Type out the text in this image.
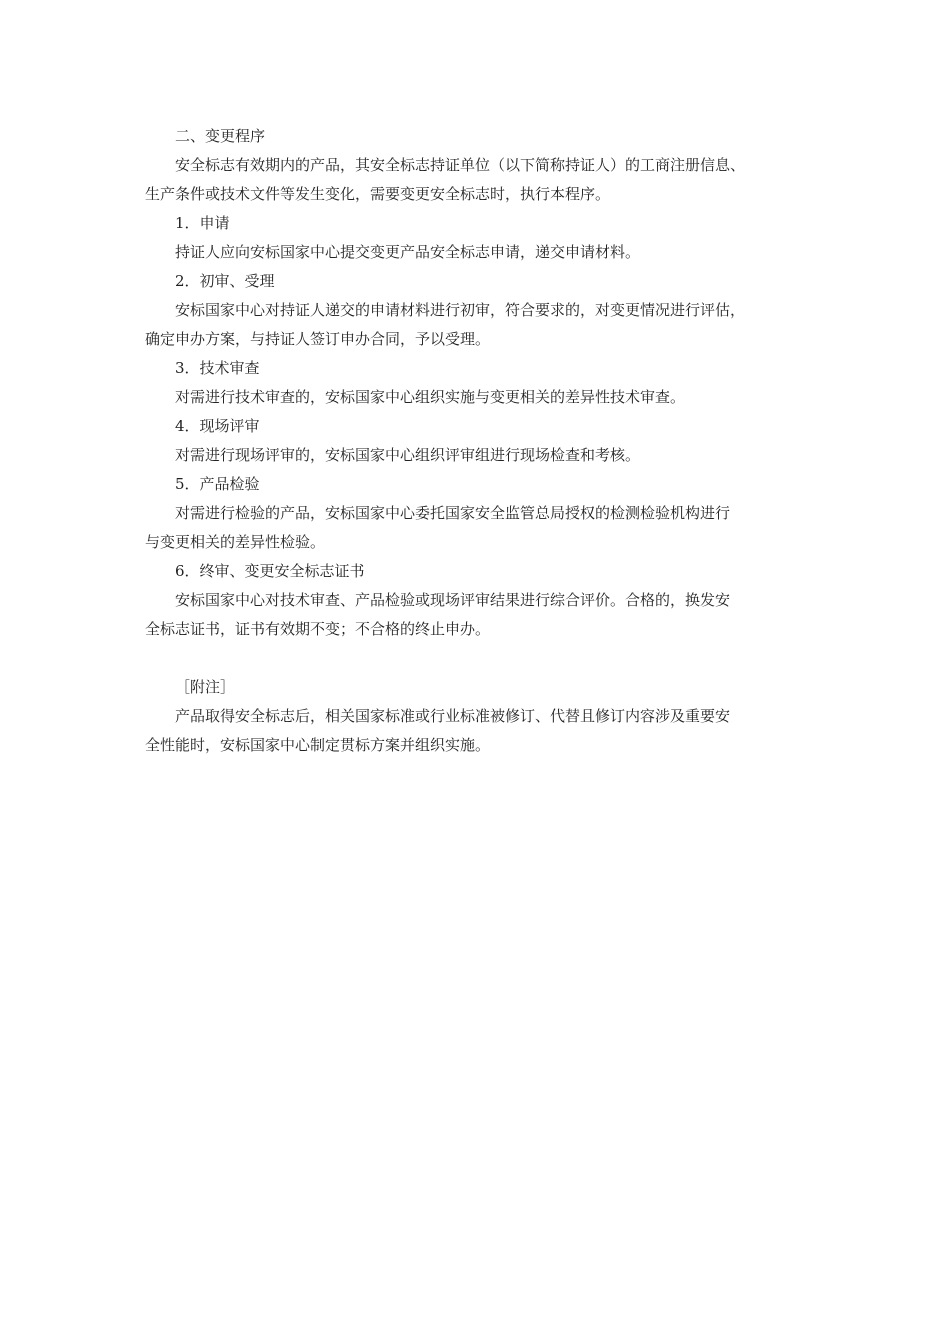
二、变更程序

安全标志有效期内的产品，其安全标志持证单位（以下简称持证人）的工商注册信息、

生产条件或技术文件等发生变化，需要变更安全标志时，执行本程序。

1．申请

持证人应向安标国家中心提交变更产品安全标志申请，递交申请材料。

2．初审、受理

安标国家中心对持证人递交的申请材料进行初审，符合要求的，对变更情况进行评估，

确定申办方案，与持证人签订申办合同，予以受理。

3．技术审查

对需进行技术审查的，安标国家中心组织实施与变更相关的差异性技术审查。

4．现场评审

对需进行现场评审的，安标国家中心组织评审组进行现场检查和考核。

5．产品检验

对需进行检验的产品，安标国家中心委托国家安全监管总局授权的检测检验机构进行

与变更相关的差异性检验。

6．终审、变更安全标志证书

安标国家中心对技术审查、产品检验或现场评审结果进行综合评价。合格的，换发安

全标志证书，证书有效期不变；不合格的终止申办。

［附注］

产品取得安全标志后，相关国家标准或行业标准被修订、代替且修订内容涉及重要安

全性能时，安标国家中心制定贯标方案并组织实施。
